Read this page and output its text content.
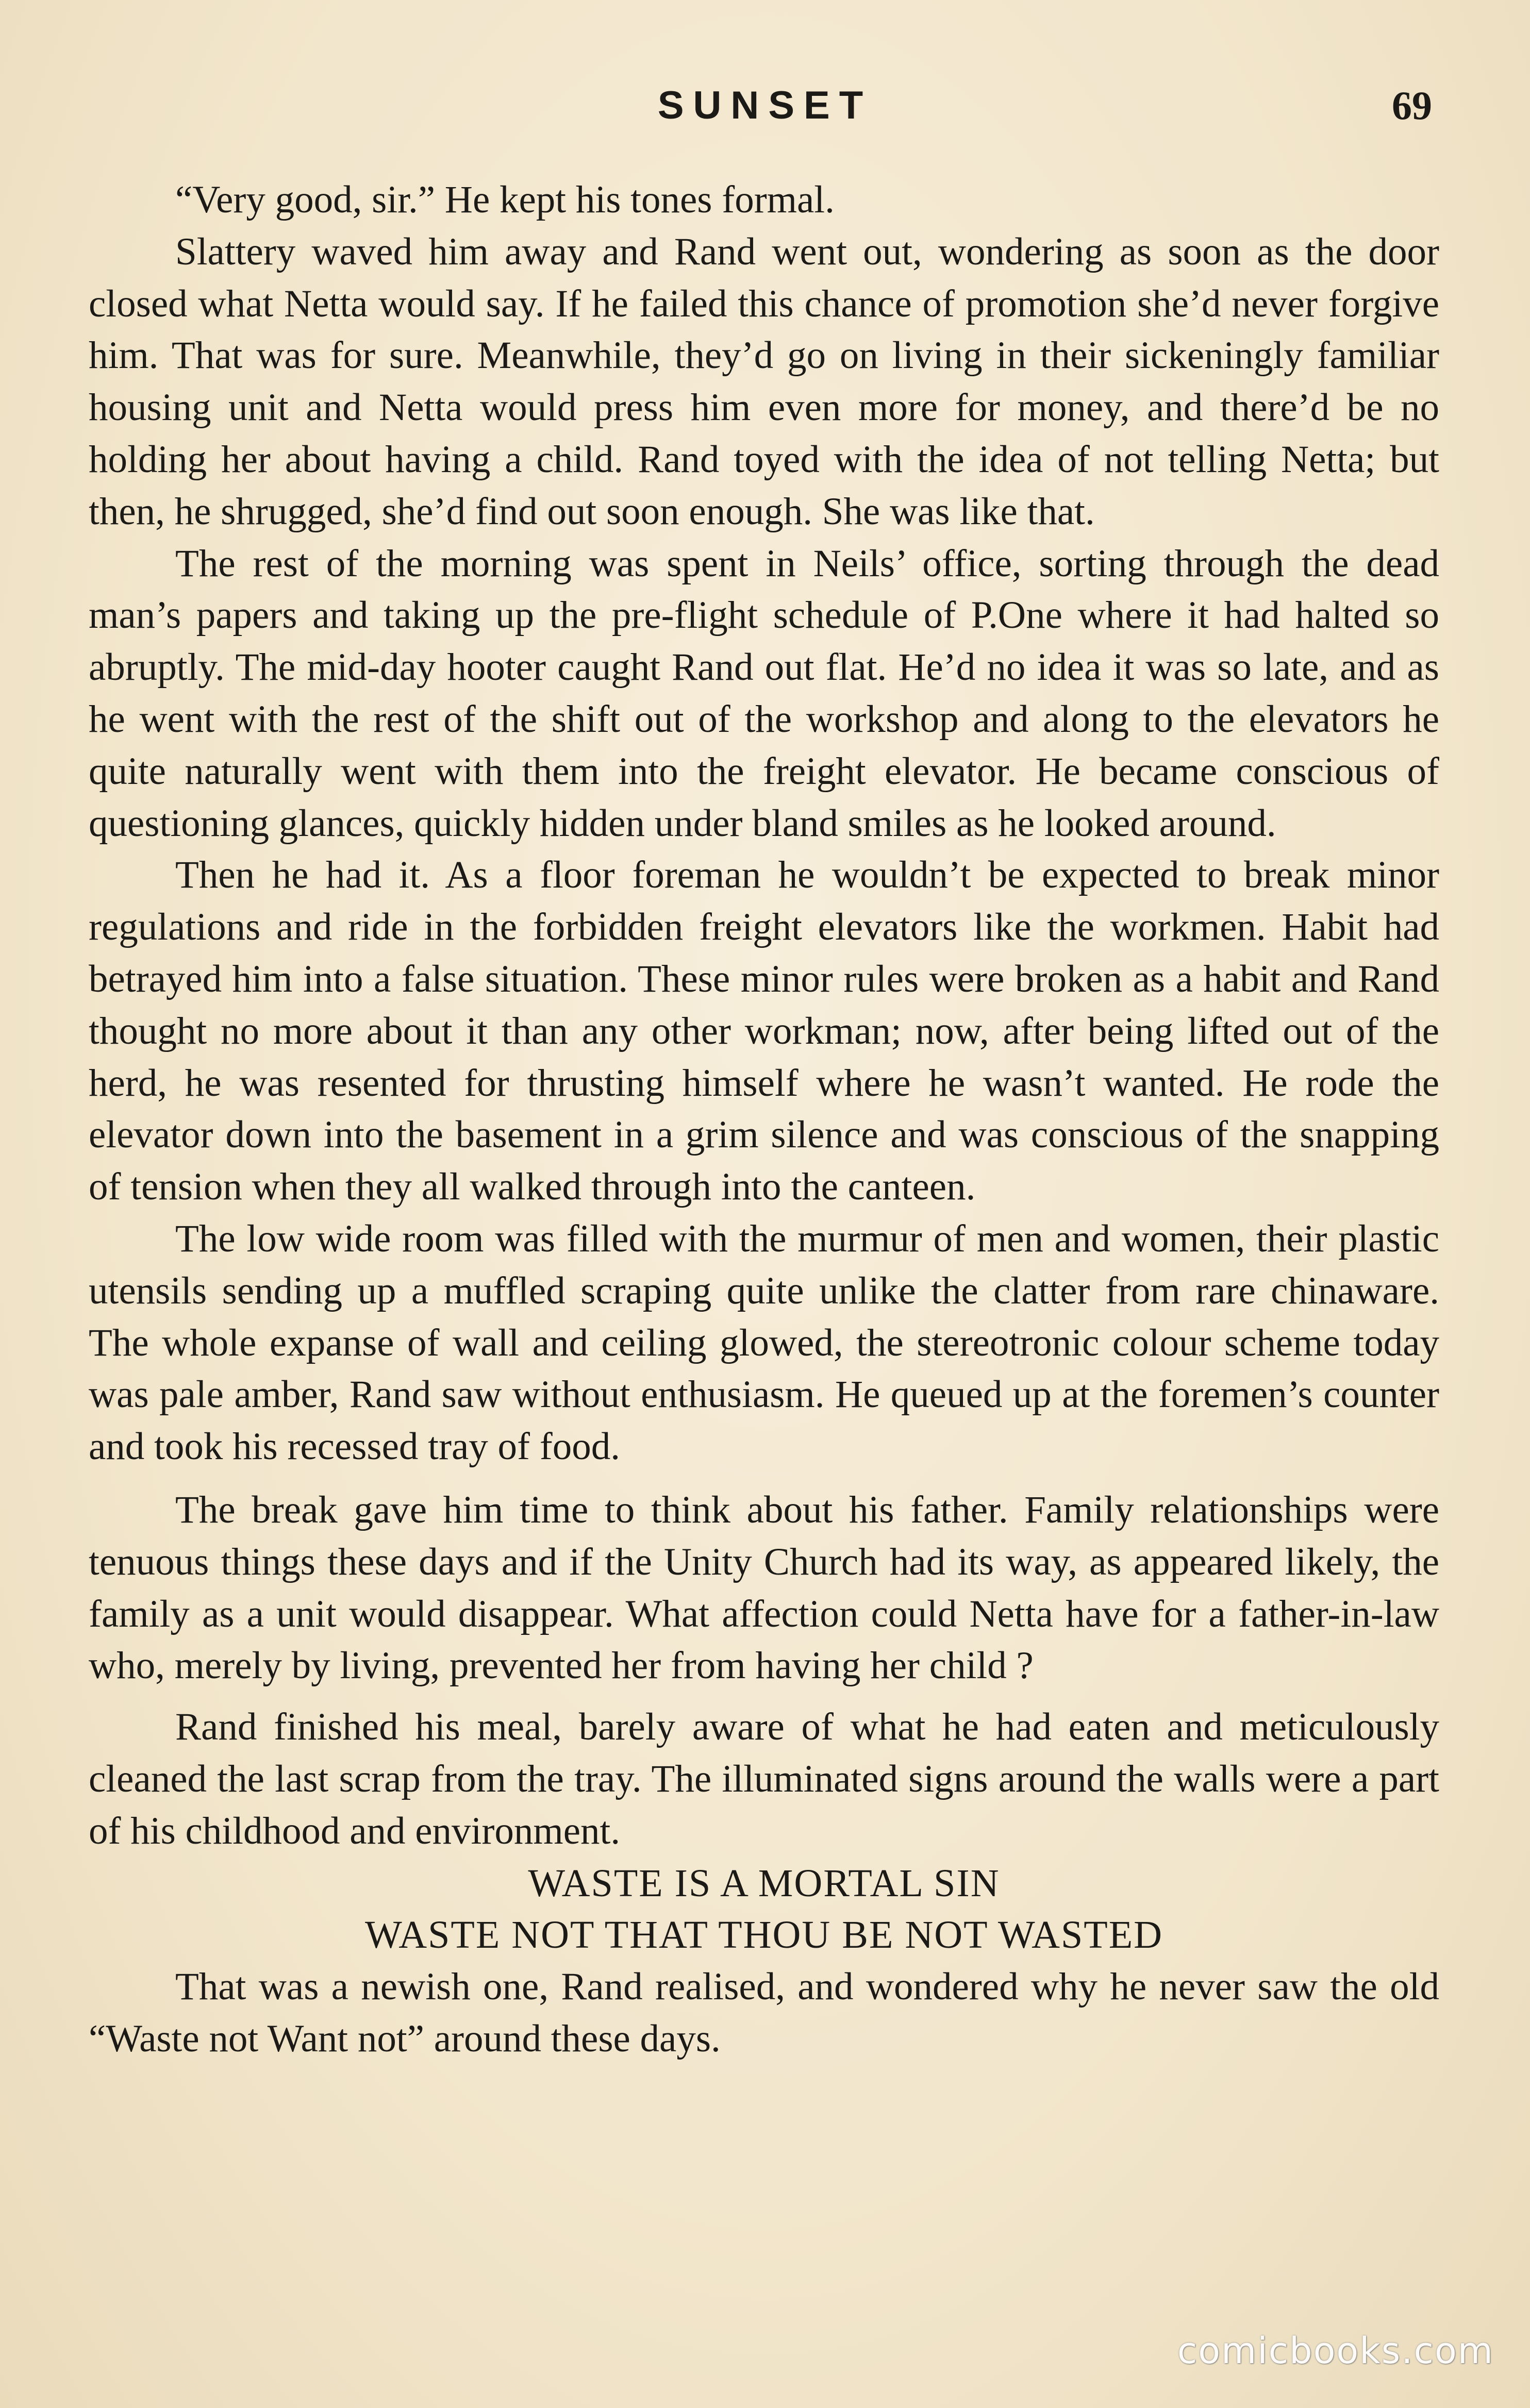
SUNSET	69

“Very good, sir.” He kept his tones formal.

Slattery waved him away and Rand went out, wondering as soon as the door closed what Netta would say. If he failed this chance of promotion she’d never forgive him. That was for sure. Meanwhile, they’d go on living in their sickeningly familiar housing unit and Netta would press him even more for money, and there’d be no holding her about having a child. Rand toyed with the idea of not telling Netta; but then, he shrugged, she’d find out soon enough. She was like that.

The rest of the morning was spent in Neils’ office, sorting through the dead man’s papers and taking up the pre-flight schedule of P.One where it had halted so abruptly. The mid-day hooter caught Rand out flat. He’d no idea it was so late, and as he went with the rest of the shift out of the workshop and along to the elevators he quite naturally went with them into the freight elevator. He became conscious of questioning glances, quickly hidden under bland smiles as he looked around.

Then he had it. As a floor foreman he wouldn’t be expected to break minor regulations and ride in the forbidden freight elevators like the workmen. Habit had betrayed him into a false situation. These minor rules were broken as a habit and Rand thought no more about it than any other workman; now, after being lifted out of the herd, he was resented for thrusting himself where he wasn’t wanted. He rode the elevator down into the basement in a grim silence and was conscious of the snapping of tension when they all walked through into the canteen.

The low wide room was filled with the murmur of men and women, their plastic utensils sending up a muffled scraping quite unlike the clatter from rare chinaware. The whole expanse of wall and ceiling glowed, the stereotronic colour scheme today was pale amber, Rand saw without enthusiasm. He queued up at the foremen’s counter and took his recessed tray of food.

The break gave him time to think about his father. Family relationships were tenuous things these days and if the Unity Church had its way, as appeared likely, the family as a unit would disappear. What affection could Netta have for a father-in-law who, merely by living, prevented her from having her child ?

Rand finished his meal, barely aware of what he had eaten and meticulously cleaned the last scrap from the tray. The illuminated signs around the walls were a part of his childhood and environment.

WASTE IS A MORTAL SIN
WASTE NOT THAT THOU BE NOT WASTED

That was a newish one, Rand realised, and wondered why he never saw the old “Waste not Want not” around these days.

comicbooks.com
